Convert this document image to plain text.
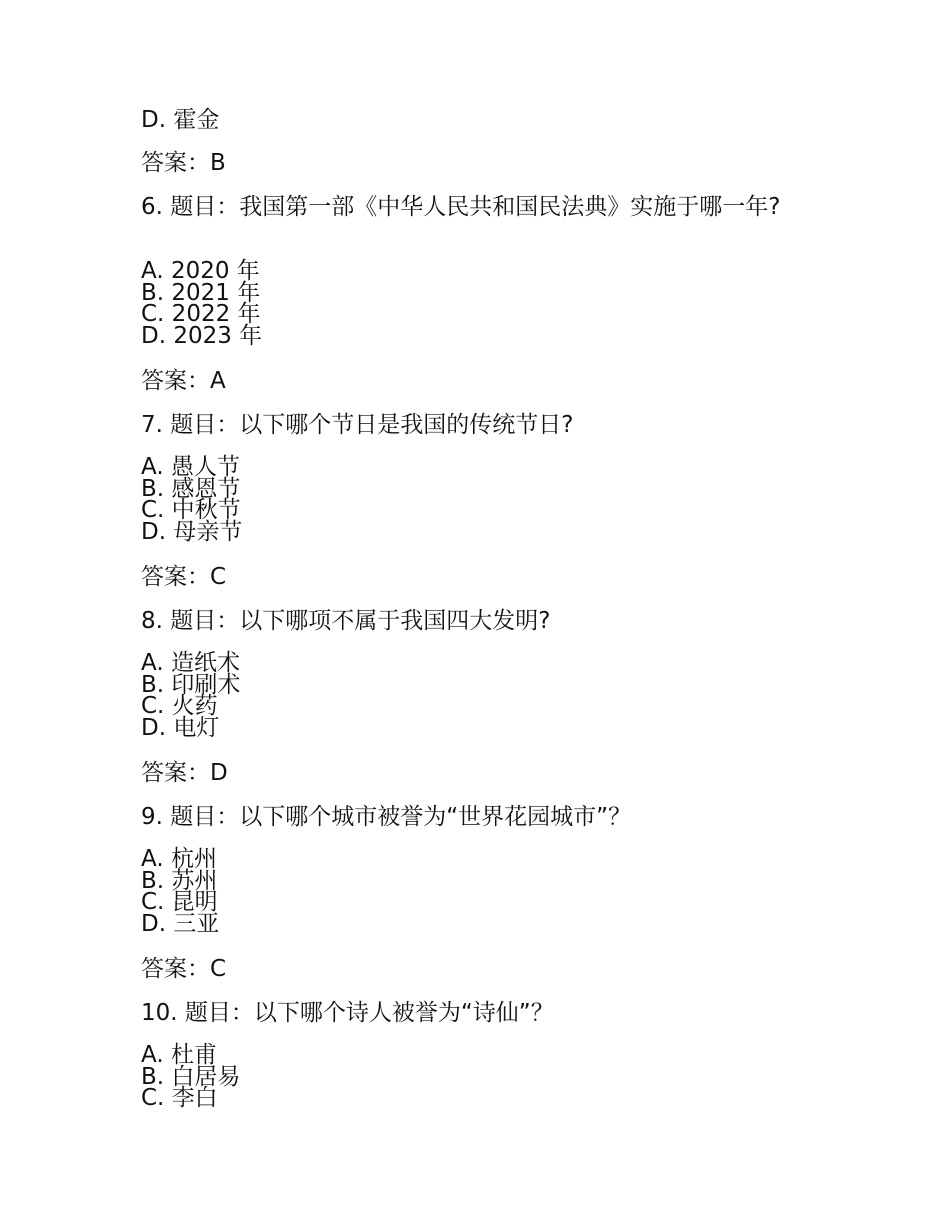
D. 霍金
答案：B
6. 题目：我国第一部《中华人民共和国民法典》实施于哪一年?
A. 2020 年
B. 2021 年
C. 2022 年
D. 2023 年
答案：A
7. 题目：以下哪个节日是我国的传统节日?
A. 愚人节
B. 感恩节
C. 中秋节
D. 母亲节
答案：C
8. 题目：以下哪项不属于我国四大发明?
A. 造纸术
B. 印刷术
C. 火药
D. 电灯
答案：D
9. 题目：以下哪个城市被誉为“世界花园城市”？
A. 杭州
B. 苏州
C. 昆明
D. 三亚
答案：C
10. 题目：以下哪个诗人被誉为“诗仙”？
A. 杜甫
B. 白居易
C. 李白
